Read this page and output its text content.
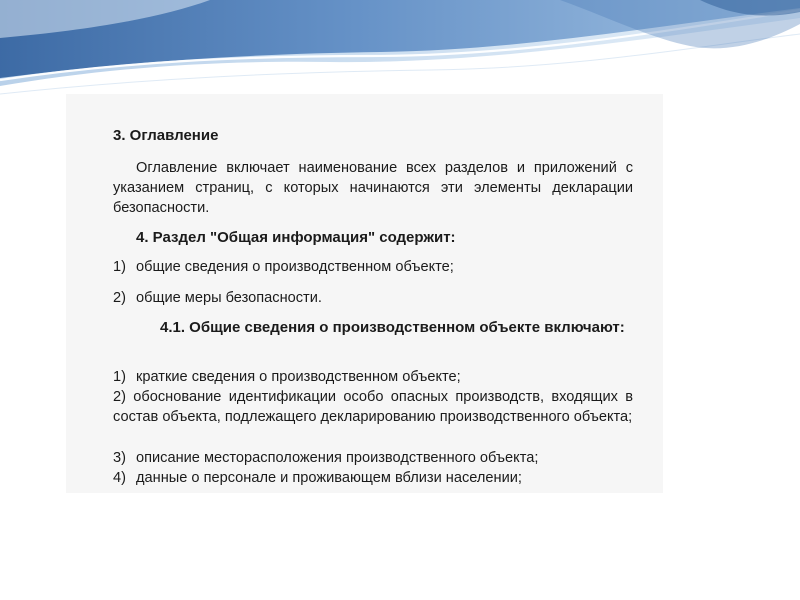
3. Оглавление
Оглавление включает наименование всех разделов и приложений с указанием страниц, с которых начинаются эти элементы декларации безопасности.
4. Раздел "Общая информация" содержит:
1) общие сведения о производственном объекте;
2) общие меры безопасности.
4.1. Общие сведения о производственном объекте включают:
1) краткие сведения о производственном объекте;
2) обоснование идентификации особо опасных производств, входящих в состав объекта, подлежащего декларированию производственного объекта;
3) описание месторасположения производственного объекта;
4) данные о персонале и проживающем вблизи населении;
